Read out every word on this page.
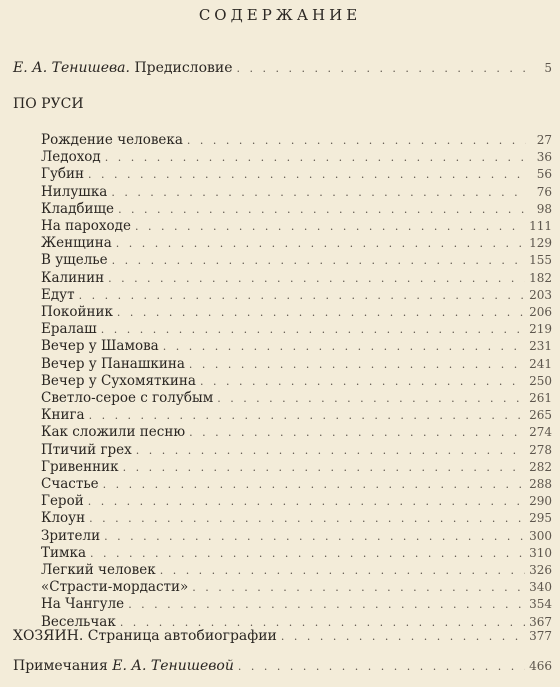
СОДЕРЖАНИЕ
Е. А. Тенишева. Предисловие . . .	5
ПО РУСИ
Рождение человека . . .	27
Ледоход . . .	36
Губин . . .	56
Нилушка . . .	76
Кладбище . . .	98
На пароходе . . .	111
Женщина . . .	129
В ущелье . . .	155
Калинин . . .	182
Едут . . .	203
Покойник . . .	206
Ералаш . . .	219
Вечер у Шамова . . .	231
Вечер у Панашкина . . .	241
Вечер у Сухомяткина . . .	250
Светло-серое с голубым . . .	261
Книга . . .	265
Как сложили песню . . .	274
Птичий грех . . .	278
Гривенник . . .	282
Счастье . . .	288
Герой . . .	290
Клоун . . .	295
Зрители . . .	300
Тимка . . .	310
Легкий человек . . .	326
«Страсти-мордасти» . . .	340
На Чангуле . . .	354
Весельчак . . .	367
ХОЗЯИН. Страница автобиографии . . .	377
Примечания Е. А. Тенишевой . . .	466
